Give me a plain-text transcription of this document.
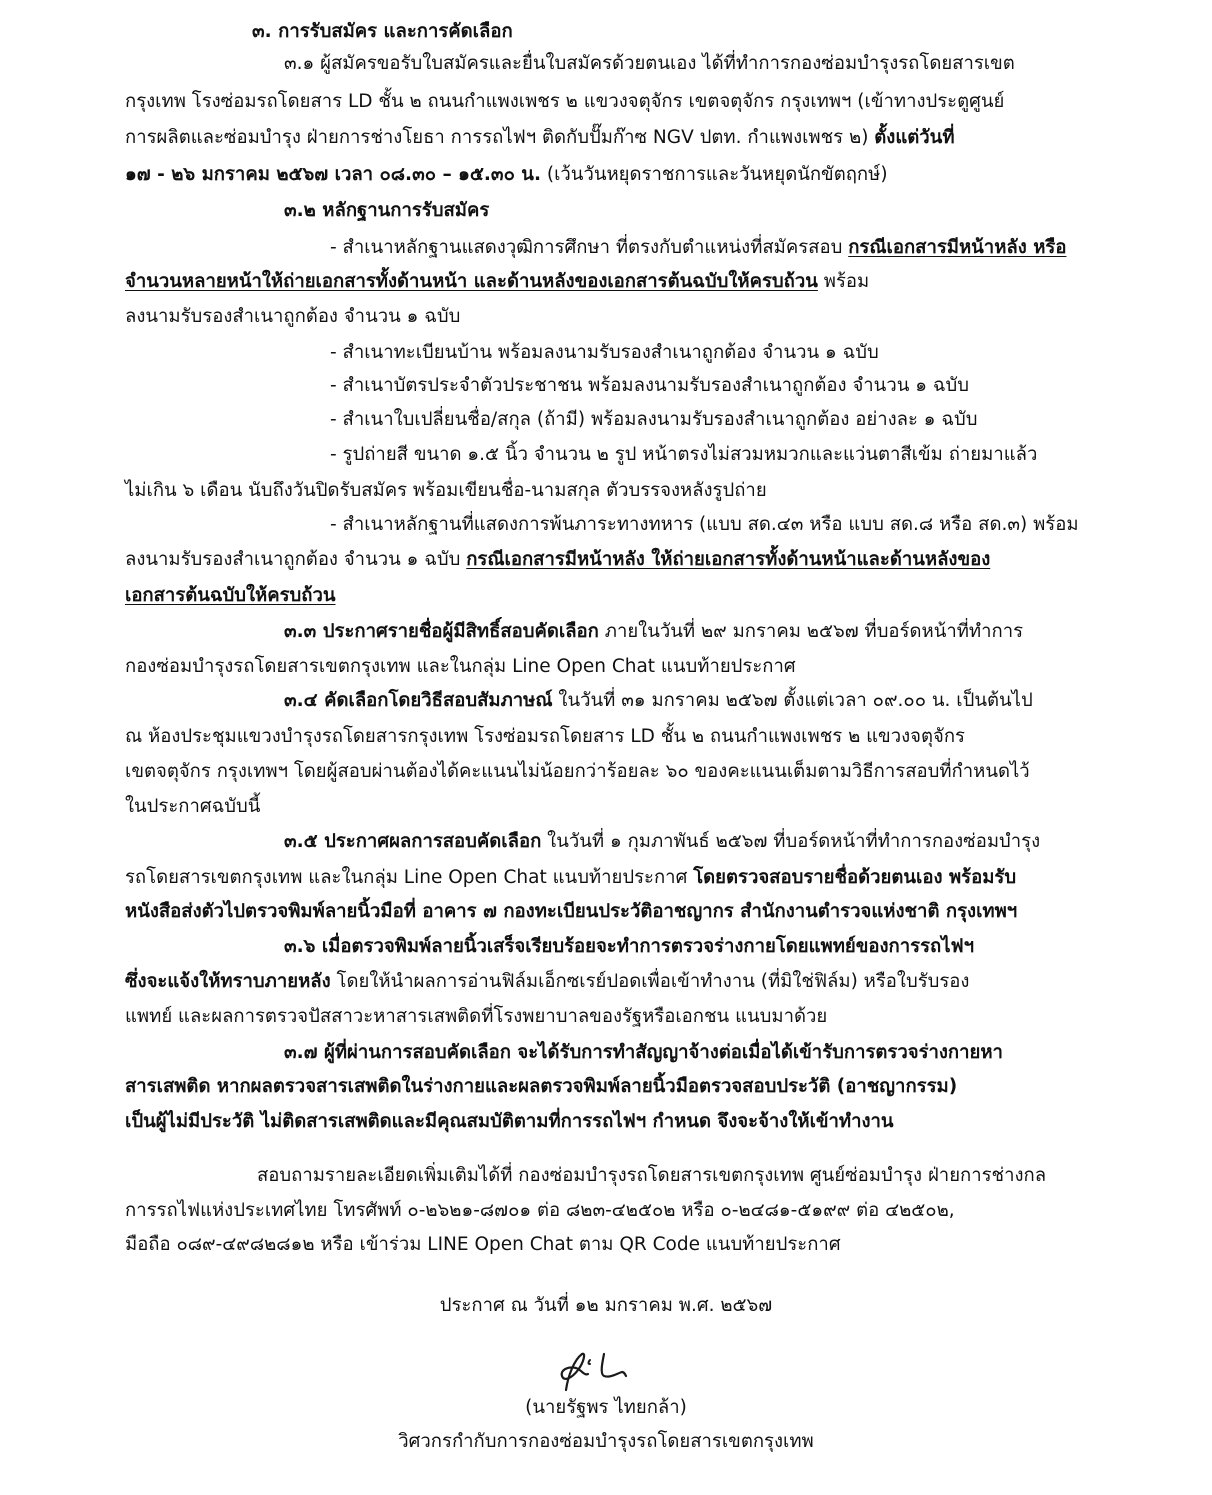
๓. การรับสมัคร และการคัดเลือก
๓.๑ ผู้สมัครขอรับใบสมัครและยื่นใบสมัครด้วยตนเอง ได้ที่ทำการกองซ่อมบำรุงรถโดยสารเขต
กรุงเทพ โรงซ่อมรถโดยสาร LD ชั้น ๒ ถนนกำแพงเพชร ๒ แขวงจตุจักร เขตจตุจักร กรุงเทพฯ (เข้าทางประตูศูนย์
การผลิตและซ่อมบำรุง ฝ่ายการช่างโยธา การรถไฟฯ ติดกับปั๊มก๊าซ NGV ปตท. กำแพงเพชร ๒) ตั้งแต่วันที่
๑๗ - ๒๖ มกราคม ๒๕๖๗ เวลา ๐๘.๓๐ – ๑๕.๓๐ น. (เว้นวันหยุดราชการและวันหยุดนักขัตฤกษ์)
๓.๒ หลักฐานการรับสมัคร
- สำเนาหลักฐานแสดงวุฒิการศึกษา ที่ตรงกับตำแหน่งที่สมัครสอบ กรณีเอกสารมีหน้าหลัง หรือ
จำนวนหลายหน้าให้ถ่ายเอกสารทั้งด้านหน้า และด้านหลังของเอกสารต้นฉบับให้ครบถ้วน พร้อม
ลงนามรับรองสำเนาถูกต้อง จำนวน ๑ ฉบับ
- สำเนาทะเบียนบ้าน พร้อมลงนามรับรองสำเนาถูกต้อง จำนวน ๑ ฉบับ
- สำเนาบัตรประจำตัวประชาชน พร้อมลงนามรับรองสำเนาถูกต้อง จำนวน ๑ ฉบับ
- สำเนาใบเปลี่ยนชื่อ/สกุล (ถ้ามี) พร้อมลงนามรับรองสำเนาถูกต้อง อย่างละ ๑ ฉบับ
- รูปถ่ายสี ขนาด ๑.๕ นิ้ว จำนวน ๒ รูป หน้าตรงไม่สวมหมวกและแว่นตาสีเข้ม ถ่ายมาแล้ว
ไม่เกิน ๖ เดือน นับถึงวันปิดรับสมัคร พร้อมเขียนชื่อ-นามสกุล ตัวบรรจงหลังรูปถ่าย
- สำเนาหลักฐานที่แสดงการพ้นภาระทางทหาร (แบบ สด.๔๓ หรือ แบบ สด.๘ หรือ สด.๓) พร้อม
ลงนามรับรองสำเนาถูกต้อง จำนวน ๑ ฉบับ กรณีเอกสารมีหน้าหลัง ให้ถ่ายเอกสารทั้งด้านหน้าและด้านหลังของ
เอกสารต้นฉบับให้ครบถ้วน
๓.๓ ประกาศรายชื่อผู้มีสิทธิ์สอบคัดเลือก ภายในวันที่ ๒๙ มกราคม ๒๕๖๗ ที่บอร์ดหน้าที่ทำการ
กองซ่อมบำรุงรถโดยสารเขตกรุงเทพ และในกลุ่ม Line Open Chat แนบท้ายประกาศ
๓.๔ คัดเลือกโดยวิธีสอบสัมภาษณ์ ในวันที่ ๓๑ มกราคม ๒๕๖๗ ตั้งแต่เวลา ๐๙.๐๐ น. เป็นต้นไป
ณ ห้องประชุมแขวงบำรุงรถโดยสารกรุงเทพ โรงซ่อมรถโดยสาร LD ชั้น ๒ ถนนกำแพงเพชร ๒ แขวงจตุจักร
เขตจตุจักร กรุงเทพฯ โดยผู้สอบผ่านต้องได้คะแนนไม่น้อยกว่าร้อยละ ๖๐ ของคะแนนเต็มตามวิธีการสอบที่กำหนดไว้
ในประกาศฉบับนี้
๓.๕ ประกาศผลการสอบคัดเลือก ในวันที่ ๑ กุมภาพันธ์ ๒๕๖๗ ที่บอร์ดหน้าที่ทำการกองซ่อมบำรุง
รถโดยสารเขตกรุงเทพ และในกลุ่ม Line Open Chat แนบท้ายประกาศ โดยตรวจสอบรายชื่อด้วยตนเอง พร้อมรับ
หนังสือส่งตัวไปตรวจพิมพ์ลายนิ้วมือที่ อาคาร ๗ กองทะเบียนประวัติอาชญากร สำนักงานตำรวจแห่งชาติ กรุงเทพฯ
๓.๖ เมื่อตรวจพิมพ์ลายนิ้วเสร็จเรียบร้อยจะทำการตรวจร่างกายโดยแพทย์ของการรถไฟฯ
ซึ่งจะแจ้งให้ทราบภายหลัง โดยให้นำผลการอ่านฟิล์มเอ็กซเรย์ปอดเพื่อเข้าทำงาน (ที่มิใช่ฟิล์ม) หรือใบรับรอง
แพทย์ และผลการตรวจปัสสาวะหาสารเสพติดที่โรงพยาบาลของรัฐหรือเอกชน แนบมาด้วย
๓.๗ ผู้ที่ผ่านการสอบคัดเลือก จะได้รับการทำสัญญาจ้างต่อเมื่อได้เข้ารับการตรวจร่างกายหา
สารเสพติด หากผลตรวจสารเสพติดในร่างกายและผลตรวจพิมพ์ลายนิ้วมือตรวจสอบประวัติ (อาชญากรรม)
เป็นผู้ไม่มีประวัติ ไม่ติดสารเสพติดและมีคุณสมบัติตามที่การรถไฟฯ กำหนด จึงจะจ้างให้เข้าทำงาน
สอบถามรายละเอียดเพิ่มเติมได้ที่ กองซ่อมบำรุงรถโดยสารเขตกรุงเทพ ศูนย์ซ่อมบำรุง ฝ่ายการช่างกล
การรถไฟแห่งประเทศไทย โทรศัพท์ ๐-๒๖๒๑-๘๗๐๑ ต่อ ๘๒๓-๔๒๕๐๒ หรือ ๐-๒๔๘๑-๕๑๙๙ ต่อ ๔๒๕๐๒,
มือถือ ๐๘๙-๔๙๘๒๘๑๒ หรือ เข้าร่วม LINE Open Chat ตาม QR Code แนบท้ายประกาศ
ประกาศ ณ วันที่ ๑๒ มกราคม พ.ศ. ๒๕๖๗
(นายรัฐพร ไทยกล้า)
วิศวกรกำกับการกองซ่อมบำรุงรถโดยสารเขตกรุงเทพ
